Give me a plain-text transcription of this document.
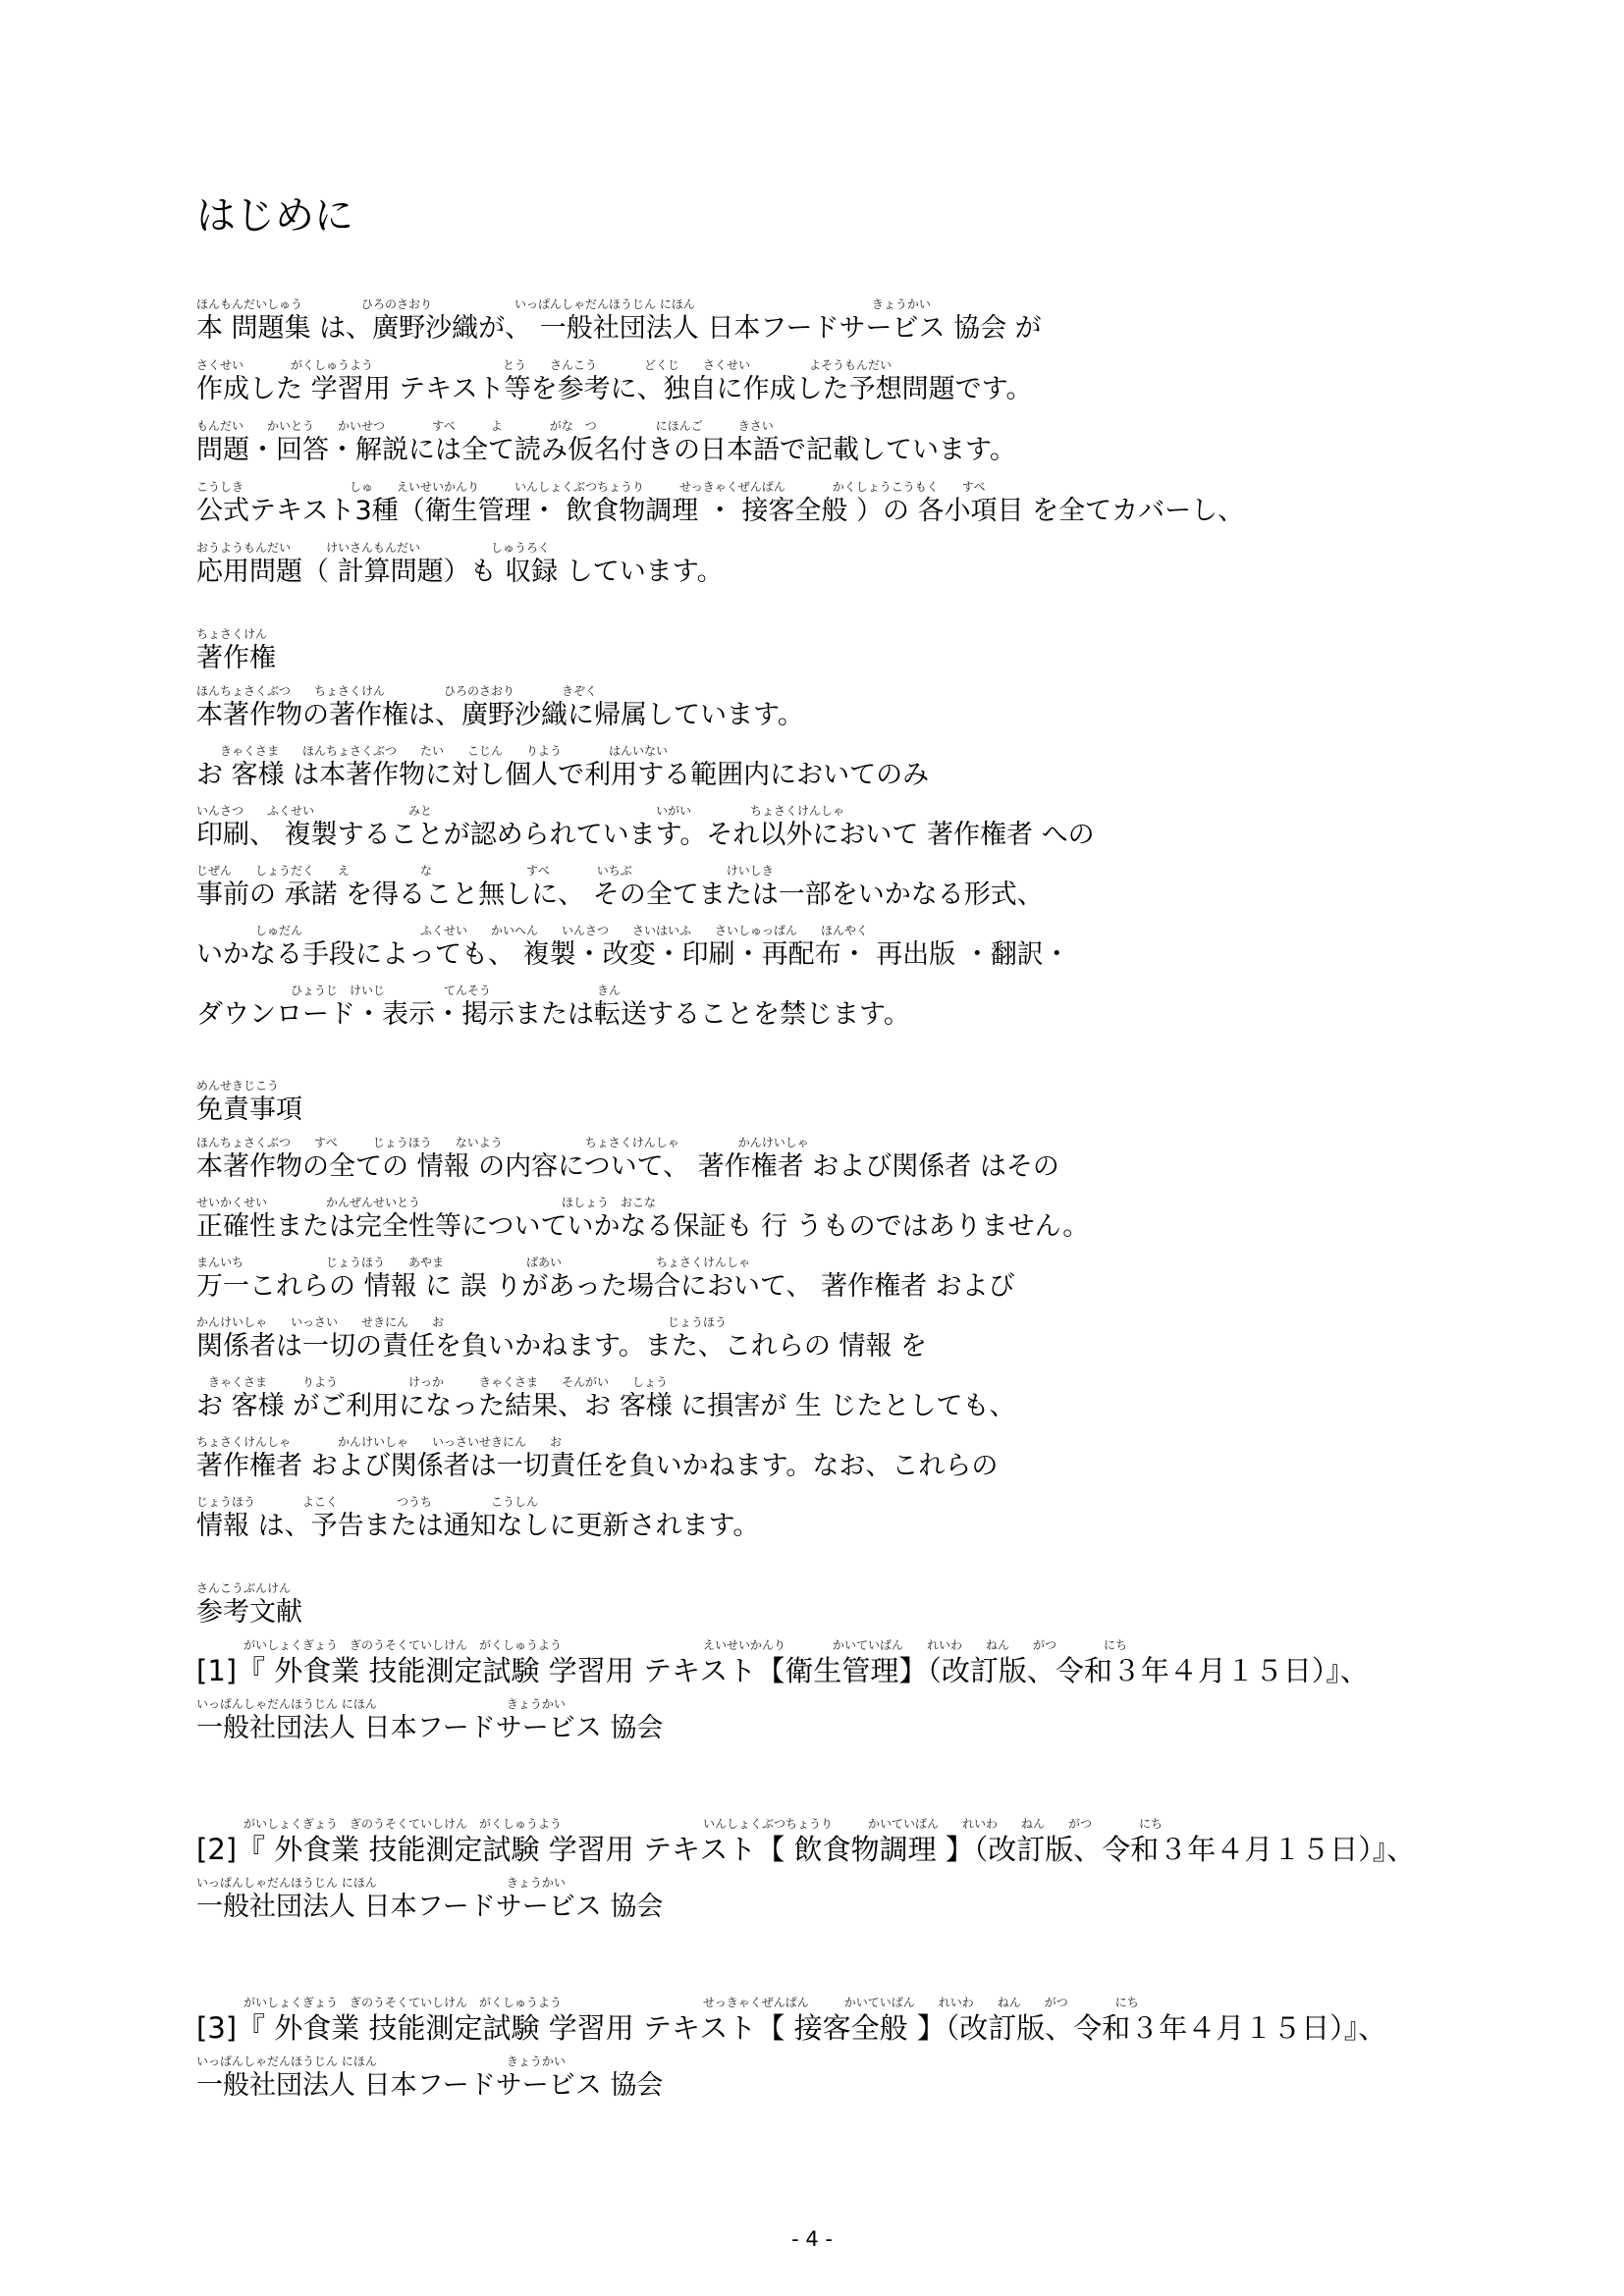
はじめに

ほんもんだいしゅう　　　　　ひろのさおり　　　　　　　いっぱんしゃだんほうじん にほん　　　　　　　　　　　　　　　きょうかい

本 問題集 は、廣野沙織が、 一般社団法人 日本フードサービス 協会 が

さくせい　　　　がくしゅうよう　　　　　　　　　　　とう　　さんこう　　　　どくじ　　さくせい　　　　　よそうもんだい

作成した 学習用 テキスト等を参考に、独自に作成した予想問題です。

もんだい　　かいとう　　かいせつ　　　　すべ　　　よ　　　　がな　つ　　　　　にほんご　　　きさい

問題・回答・解説には全て読み仮名付きの日本語で記載しています。

こうしき　　　　　　　　　しゅ　　えいせいかんり　　　いんしょくぶつちょうり　　　せっきゃくぜんぱん　　　　かくしょうこうもく　　すべ

公式テキスト3種（衛生管理・ 飲食物調理 ・ 接客全般 ）の 各小項目 を全てカバーし、

おうようもんだい　　　けいさんもんだい　　　　　　しゅうろく

応用問題（ 計算問題）も 収録 しています。

ちょさくけん

著作権

ほんちょさくぶつ　　ちょさくけん　　　　　ひろのさおり　　　　きぞく

本著作物の著作権は、廣野沙織に帰属しています。

　　きゃくさま　　ほんちょさくぶつ　　たい　　こじん　　りよう　　　　はんいない

お 客様 は本著作物に対し個人で利用する範囲内においてのみ

いんさつ　　ふくせい　　　　　　　　みと　　　　　　　　　　　　　　　　　　　いがい　　　　　ちょさくけんしゃ

印刷、 複製することが認められています。それ以外において 著作権者 への

じぜん　　しょうだく　　え　　　　　　な　　　　　　　　すべ　　　　いちぶ　　　　　　　　けいしき

事前の 承諾 を得ること無しに、 その全てまたは一部をいかなる形式、

　　　　　しゅだん　　　　　　　　　　ふくせい　　かいへん　　いんさつ　　さいはいふ　　さいしゅっぱん　　ほんやく

いかなる手段によっても、 複製・改変・印刷・再配布・ 再出版 ・翻訳・

　　　　　　　　ひょうじ　けいじ　　　　　てんそう　　　　　　　　　きん

ダウンロード・表示・掲示または転送することを禁じます。

めんせきじこう

免責事項

ほんちょさくぶつ　　すべ　　　じょうほう　　ないよう　　　　　　　ちょさくけんしゃ　　　　　かんけいしゃ

本著作物の全ての 情報 の内容について、 著作権者 および関係者 はその

せいかくせい　　　　　かんぜんせいとう　　　　　　　　　　　　ほしょう　おこな

正確性または完全性等についていかなる保証も 行 うものではありません。

まんいち　　　　　　　じょうほう　　あやま　　　　　　　ばあい　　　　　　　　ちょさくけんしゃ

万一これらの 情報 に 誤 りがあった場合において、 著作権者 および

かんけいしゃ　　いっさい　　せきにん　　お　　　　　　　　　　　　　　　　　　　じょうほう

関係者は一切の責任を負いかねます。また、これらの 情報 を

　きゃくさま　　　りよう　　　　　　けっか　　　きゃくさま　　そんがい　　しょう

お 客様 がご利用になった結果、お 客様 に損害が 生 じたとしても、

ちょさくけんしゃ　　　　かんけいしゃ　　いっさいせきにん　　お

著作権者 および関係者は一切責任を負いかねます。なお、これらの

じょうほう　　　　よこく　　　　　つうち　　　　　こうしん

情報 は、予告または通知なしに更新されます。

さんこうぶんけん

参考文献

　　　　がいしょくぎょう　ぎのうそくていしけん　がくしゅうよう　　　　　　　　　　　　えいせいかんり　　　　かいていばん　　れいわ　　ねん　　がつ　　　　にち

[1]『 外食業 技能測定試験 学習用 テキスト【衛生管理】（改訂版、令和３年４月１５日）』、

いっぱんしゃだんほうじん にほん　　　　　　　　　　　きょうかい

一般社団法人 日本フードサービス 協会

　　　　がいしょくぎょう　ぎのうそくていしけん　がくしゅうよう　　　　　　　　　　　　いんしょくぶつちょうり　　　かいていばん　　れいわ　　ねん　　がつ　　　　にち

[2]『 外食業 技能測定試験 学習用 テキスト【 飲食物調理 】（改訂版、令和３年４月１５日）』、

いっぱんしゃだんほうじん にほん　　　　　　　　　　　きょうかい

一般社団法人 日本フードサービス 協会

　　　　がいしょくぎょう　ぎのうそくていしけん　がくしゅうよう　　　　　　　　　　　　せっきゃくぜんぱん　　　かいていばん　　れいわ　　ねん　　がつ　　　　にち

[3]『 外食業 技能測定試験 学習用 テキスト【 接客全般 】（改訂版、令和３年４月１５日）』、

いっぱんしゃだんほうじん にほん　　　　　　　　　　　きょうかい

一般社団法人 日本フードサービス 協会

- 4 -
